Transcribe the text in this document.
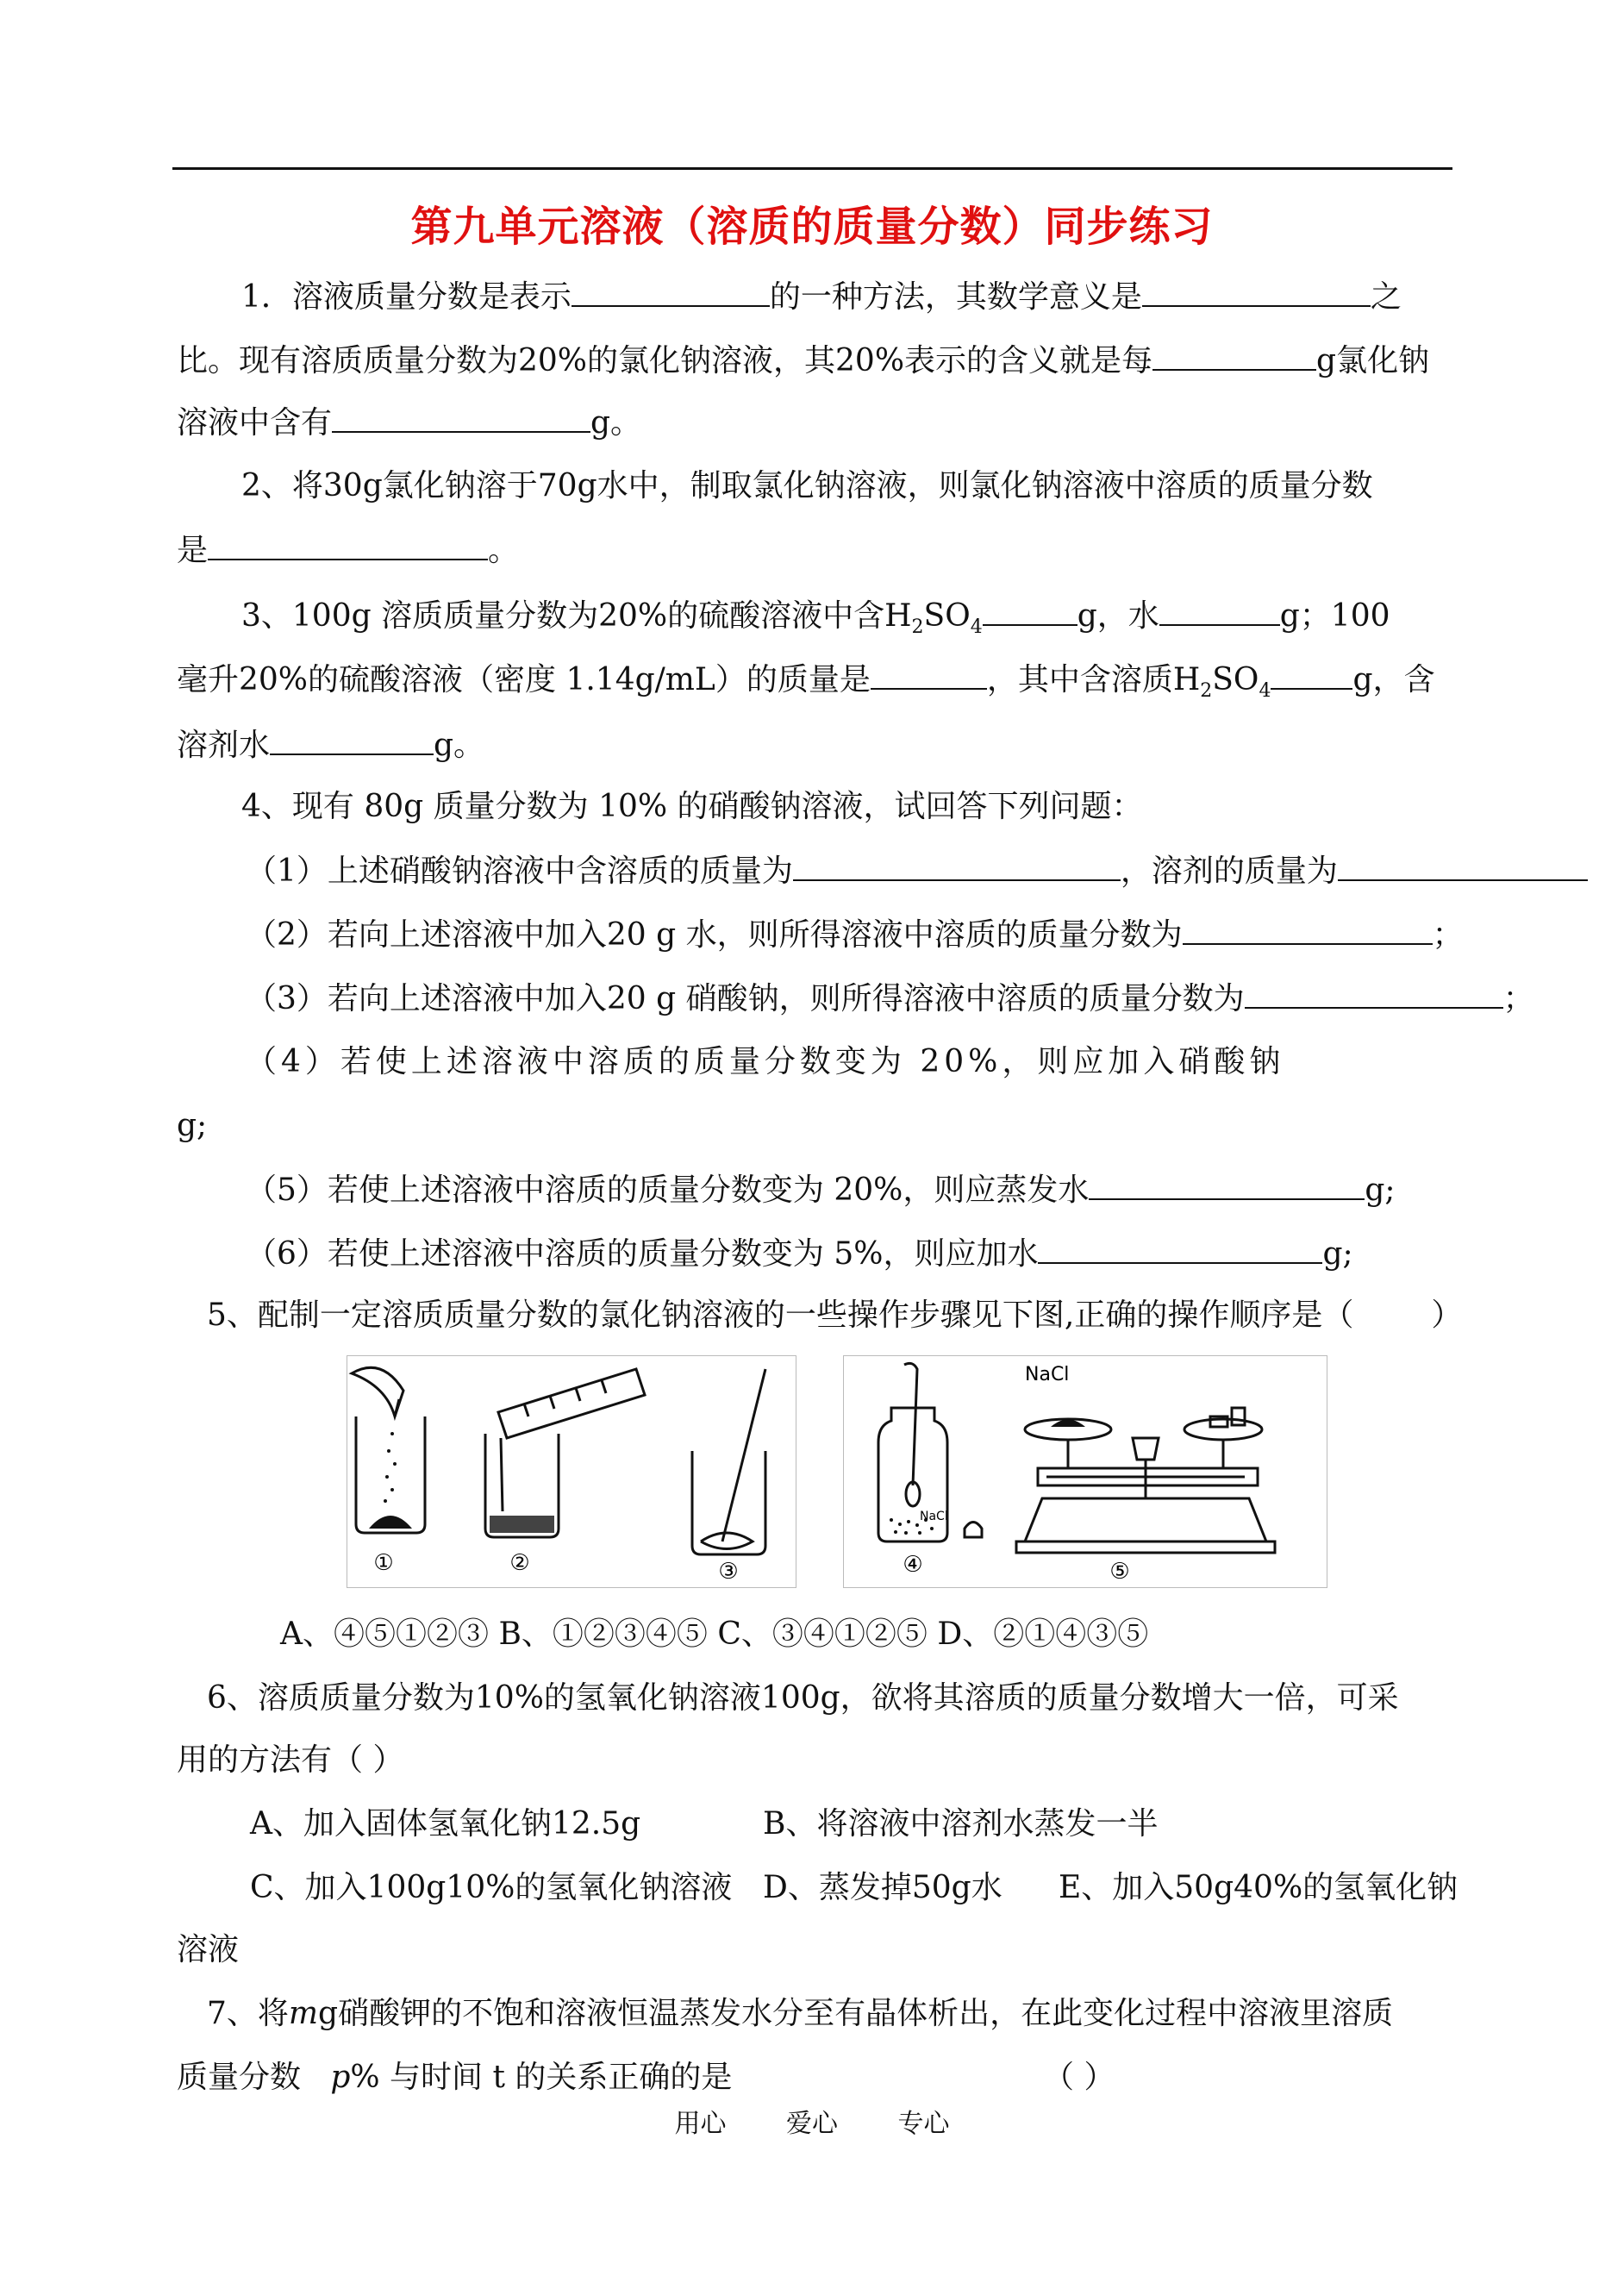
第九单元溶液（溶质的质量分数）同步练习
1．溶液质量分数是表示	的一种方法，其数学意义是	之
比。现有溶质质量分数为20%的氯化钠溶液，其20%表示的含义就是每	g氯化钠
溶液中含有	g。
2、将30g氯化钠溶于70g水中，制取氯化钠溶液，则氯化钠溶液中溶质的质量分数
是	。
3、100g 溶质质量分数为20%的硫酸溶液中含$H_2SO_4$	g，水	g；100
毫升20%的硫酸溶液（密度 1.14g/mL）的质量是	，其中含溶质$H_2SO_4$	g，含
溶剂水	g。
4、现有 80g 质量分数为 10% 的硝酸钠溶液，试回答下列问题：
（1）上述硝酸钠溶液中含溶质的质量为	，溶剂的质量为
（2）若向上述溶液中加入20 g 水，则所得溶液中溶质的质量分数为	；
（3）若向上述溶液中加入20 g 硝酸钠，则所得溶液中溶质的质量分数为	；
（4）若使上述溶液中溶质的质量分数变为 20%，则应加入硝酸钠
g;
（5）若使上述溶液中溶质的质量分数变为 20%，则应蒸发水	g;
（6）若使上述溶液中溶质的质量分数变为 5%，则应加水	g;
5、配制一定溶质质量分数的氯化钠溶液的一些操作步骤见下图,正确的操作顺序是（	）
①	②	③
NaCl
④
NaCl
⑤
A、④⑤①②③ B、①②③④⑤ C、③④①②⑤ D、②①④③⑤
6、溶质质量分数为10%的氢氧化钠溶液100g，欲将其溶质的质量分数增大一倍，可采
用的方法有（ ）
A、加入固体氢氧化钠12.5g	B、将溶液中溶剂水蒸发一半
C、加入100g10%的氢氧化钠溶液 D、蒸发掉50g水 E、加入50g40%的氢氧化钠
溶液
7、将mg硝酸钾的不饱和溶液恒温蒸发水分至有晶体析出，在此变化过程中溶液里溶质
质量分数 p% 与时间 t 的关系正确的是	（ ）
用心 爱心 专心
